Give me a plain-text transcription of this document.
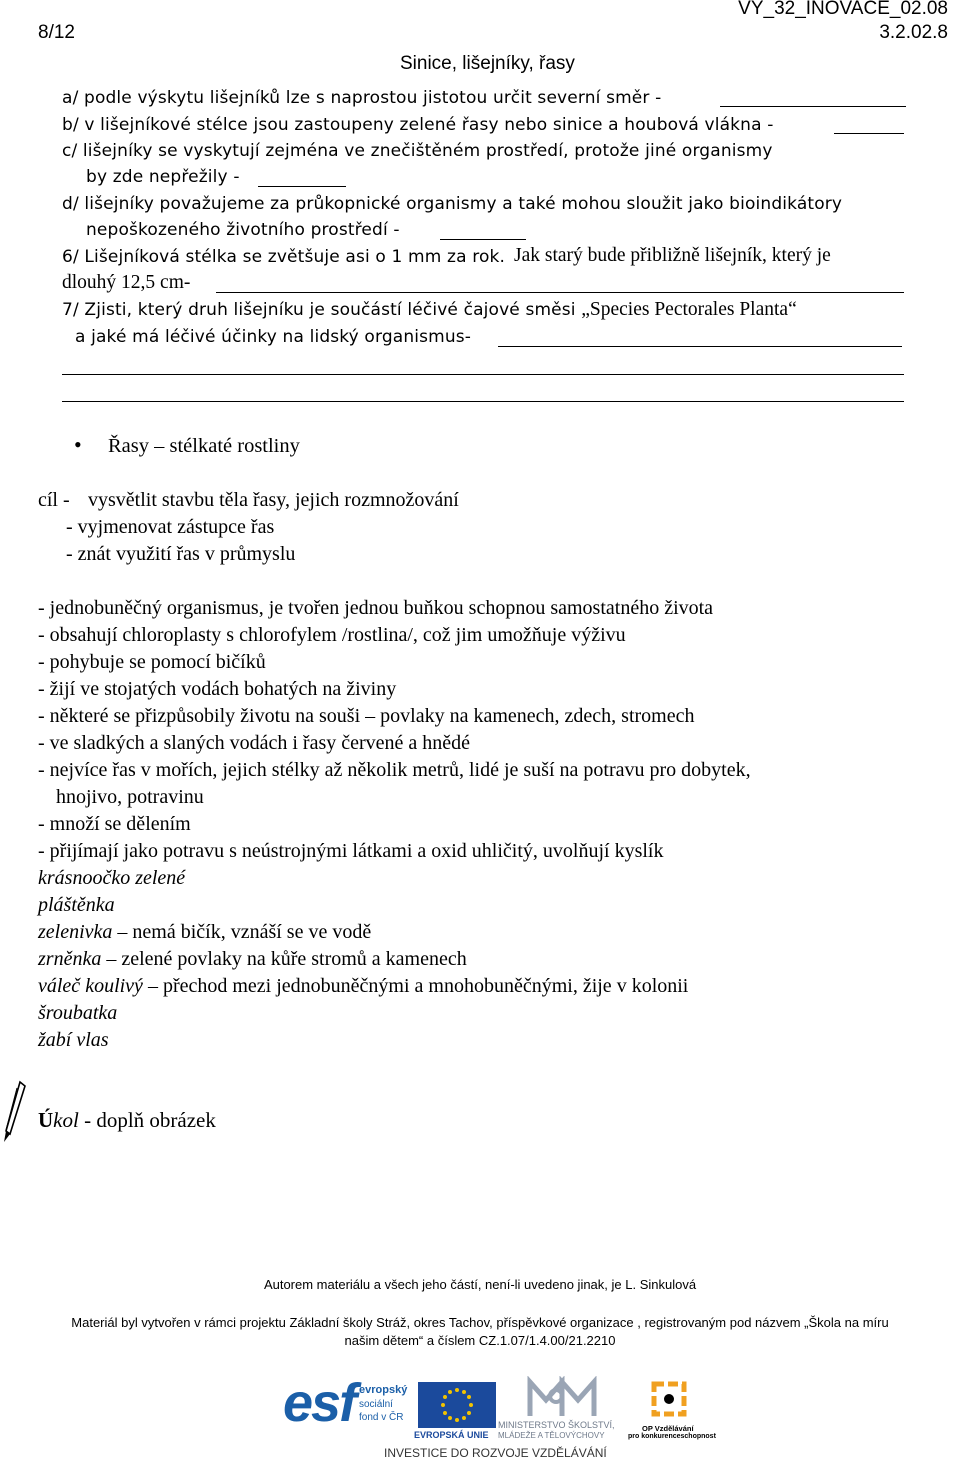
8/12
VY_32_INOVACE_02.08
3.2.02.8
Sinice, lišejníky, řasy
a/ podle výskytu lišejníků lze s naprostou jistotou určit severní směr -
b/ v lišejníkové stélce jsou zastoupeny zelené řasy nebo sinice a houbová vlákna -
c/ lišejníky se vyskytují zejména ve znečištěném prostředí, protože jiné organismy
by zde nepřežily -
d/ lišejníky považujeme za průkopnické organismy a také mohou sloužit jako bioindikátory
nepoškozeného životního prostředí -
6/ Lišejníková stélka se zvětšuje asi o 1 mm za rok. Jak starý bude přibližně lišejník, který je
dlouhý 12,5 cm-
7/ Zjisti, který druh lišejníku je součástí léčivé čajové směsi „Species Pectorales Planta“
a jaké má léčivé účinky na lidský organismus-
• Řasy – stélkaté rostliny
cíl - vysvětlit stavbu těla řasy, jejich rozmnožování
- vyjmenovat zástupce řas
- znát využití řas v průmyslu
- jednobuněčný organismus, je tvořen jednou buňkou schopnou samostatného života
- obsahují chloroplasty s chlorofylem /rostlina/, což jim umožňuje výživu
- pohybuje se pomocí bičíků
- žijí ve stojatých vodách bohatých na živiny
- některé se přizpůsobily životu na souši – povlaky na kamenech, zdech, stromech
- ve sladkých a slaných vodách i řasy červené a hnědé
- nejvíce řas v mořích, jejich stélky až několik metrů, lidé je suší na potravu pro dobytek,
hnojivo, potravinu
- množí se dělením
- přijímají jako potravu s neústrojnými látkami a oxid uhličitý, uvolňují kyslík
krásnoočko zelené
pláštěnka
zelenivka – nemá bičík, vznáší se ve vodě
zrněnka – zelené povlaky na kůře stromů a kamenech
váleč koulivý – přechod mezi jednobuněčnými a mnohobuněčnými, žije v kolonii
šroubatka
žabí vlas
Úkol - doplň obrázek
Autorem materiálu a všech jeho částí, není-li uvedeno jinak, je L. Sinkulová
Materiál byl vytvořen v rámci projektu Základní školy Stráž, okres Tachov, příspěvkové organizace , registrovaným pod názvem „Škola na míru
našim dětem“ a číslem CZ.1.07/1.4.00/21.2210
esf evropský
sociální
fond v ČR
EVROPSKÁ UNIE
MINISTERSTVO ŠKOLSTVÍ,
MLÁDEŽE A TĚLOVÝCHOVY
OP Vzdělávání
pro konkurenceschopnost
INVESTICE DO ROZVOJE VZDĚLÁVÁNÍ
